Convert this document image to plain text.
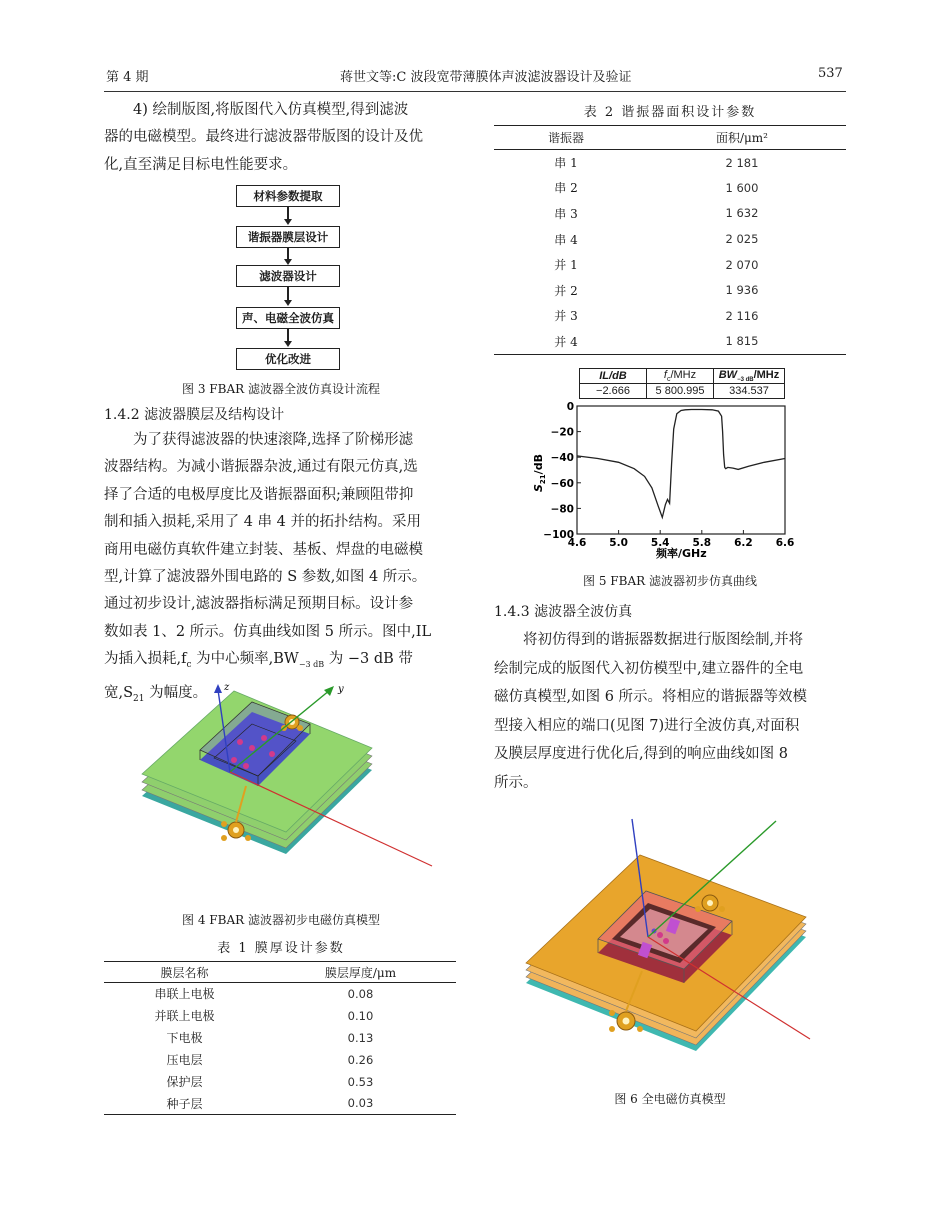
第 4 期	蒋世文等:C 波段宽带薄膜体声波滤波器设计及验证	537

4) 绘制版图,将版图代入仿真模型,得到滤波

器的电磁模型。最终进行滤波器带版图的设计及优

化,直至满足目标电性能要求。

材料参数提取
谐振器膜层设计
滤波器设计
声、电磁全波仿真
优化改进
图 3 FBAR 滤波器全波仿真设计流程
1.4.2 滤波器膜层及结构设计

为了获得滤波器的快速滚降,选择了阶梯形滤

波器结构。为减小谐振器杂波,通过有限元仿真,选

择了合适的电极厚度比及谐振器面积;兼顾阻带抑

制和插入损耗,采用了 4 串 4 并的拓扑结构。采用

商用电磁仿真软件建立封装、基板、焊盘的电磁模

型,计算了滤波器外围电路的 S 参数,如图 4 所示。

通过初步设计,滤波器指标满足预期目标。设计参

数如表 1、2 所示。仿真曲线如图 5 所示。图中,IL

为插入损耗$,f_c$ 为中心频率$,BW_{-3 dB}$ 为 −3 dB 带

宽$,S_{21}$ 为幅度。	z	y
图 4 FBAR 滤波器初步电磁仿真模型
表 1 膜厚设计参数
膜层名称	膜层厚度/μm
串联上电极	0.08
并联上电极	0.10
下电极	0.13
压电层	0.26
保护层	0.53
种子层	0.03
表 2 谐振器面积设计参数
谐振器	面积/μm²
串 1	2 181
串 2	1 600
串 3	1 632
串 4	2 025
并 1	2 070
并 2	1 936
并 3	2 116
并 4	1 815
IL/dB	$f_c$/MHz	$BW_{-3 dB}$/MHz
−2.666	5 800.995	334.537
0
−20
−40
−60
−80
−100
4.6 5.0 5.4 5.8 6.2 6.6
频率/GHz
$S_{21}/dB$
图 5 FBAR 滤波器初步仿真曲线
1.4.3 滤波器全波仿真

将初仿得到的谐振器数据进行版图绘制,并将

绘制完成的版图代入初仿模型中,建立器件的全电

磁仿真模型,如图 6 所示。将相应的谐振器等效模

型接入相应的端口(见图 7)进行全波仿真,对面积

及膜层厚度进行优化后,得到的响应曲线如图 8

所示。

图 6 全电磁仿真模型
